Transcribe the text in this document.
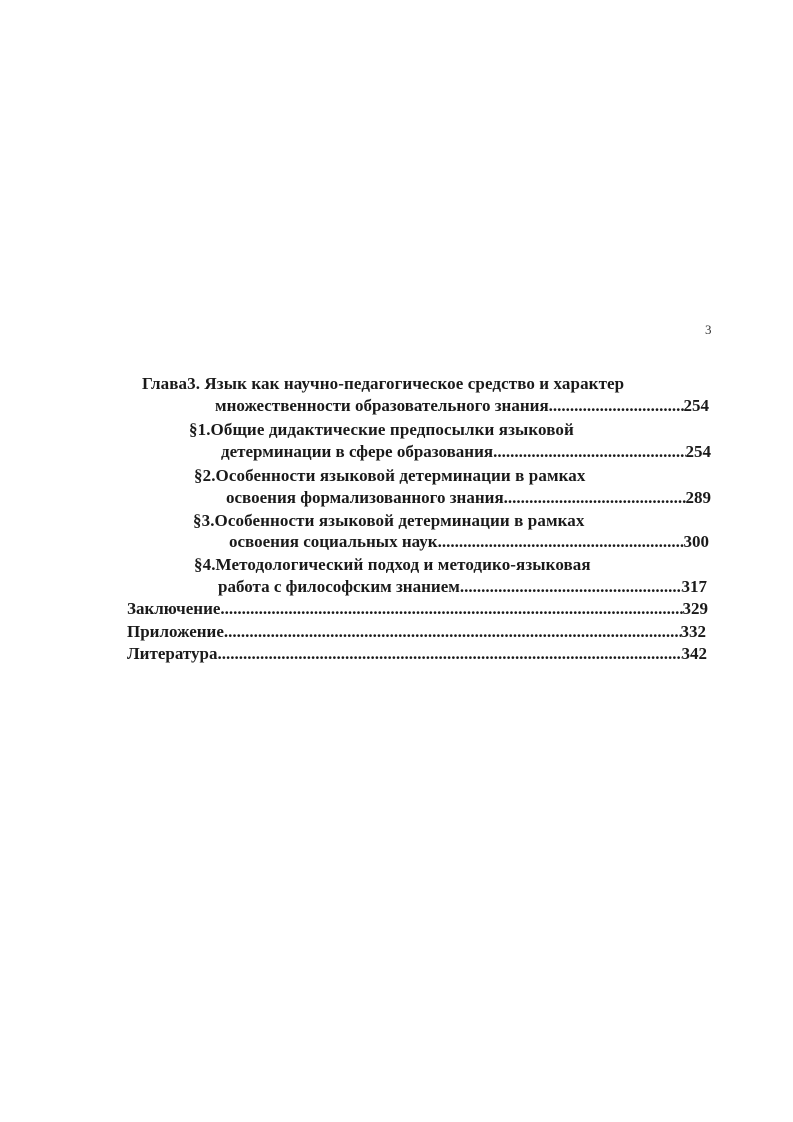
3
Глава3. Язык как научно-педагогическое средство и характер
множественности образовательного знания .....	254
§1.Общие дидактические предпосылки языковой
детерминации в сфере образования .....	254
§2.Особенности языковой детерминации в рамках
освоения формализованного знания .....	289
§3.Особенности языковой детерминации в рамках
освоения социальных наук .....	300
§4.Методологический подход и методико-языковая
работа с философским знанием .....	317
Заключение .....	329
Приложение .....	332
Литература .....	342
